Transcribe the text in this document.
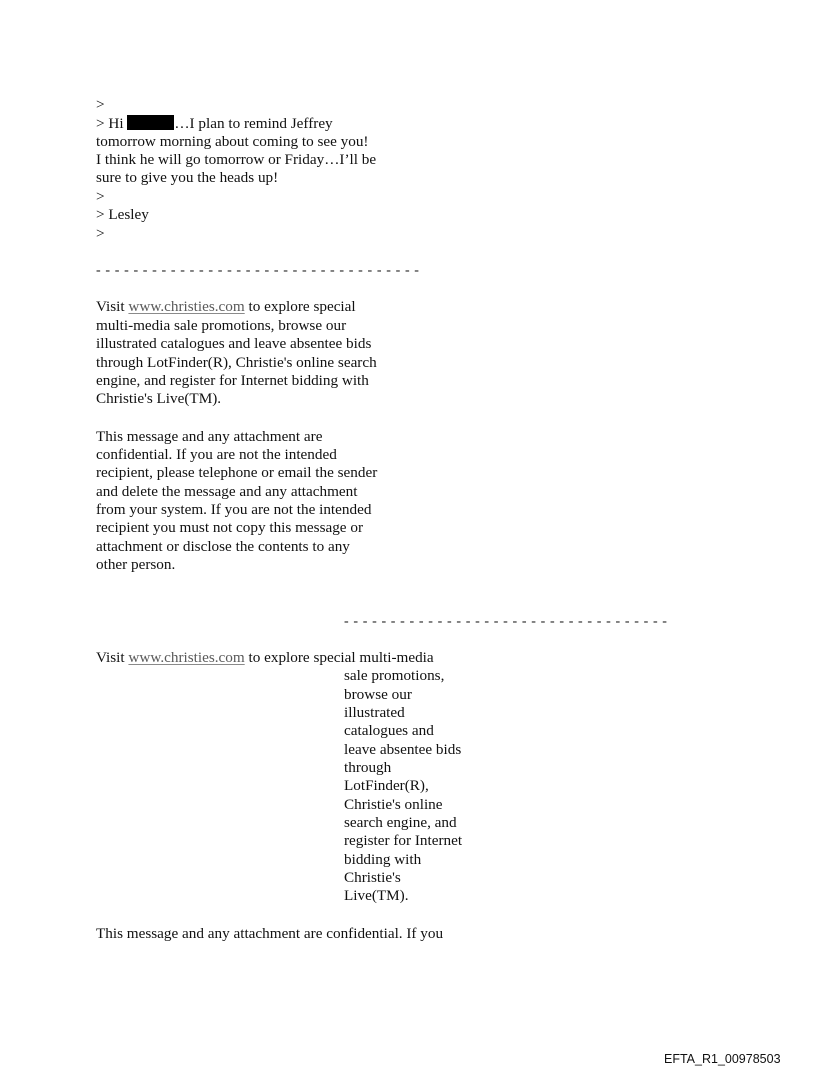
>
> Hi	…I plan to remind Jeffrey
tomorrow morning about coming to see you!
I think he will go tomorrow or Friday…I’ll be
sure to give you the heads up!
>
> Lesley
>
- - - - - - - - - - - - - - - - - - - - - - - - - - - - - - - - - - -
Visit www.christies.com to explore special
multi-media sale promotions, browse our
illustrated catalogues and leave absentee bids
through LotFinder(R), Christie's online search
engine, and register for Internet bidding with
Christie's Live(TM).
This message and any attachment are
confidential. If you are not the intended
recipient, please telephone or email the sender
and delete the message and any attachment
from your system. If you are not the intended
recipient you must not copy this message or
attachment or disclose the contents to any
other person.
- - - - - - - - - - - - - - - - - - - - - - - - - - - - - - - - - - -
Visit www.christies.com to explore special multi-media
sale promotions,
browse our
illustrated
catalogues and
leave absentee bids
through
LotFinder(R),
Christie's online
search engine, and
register for Internet
bidding with
Christie's
Live(TM).
This message and any attachment are confidential. If you
EFTA_R1_00978503
